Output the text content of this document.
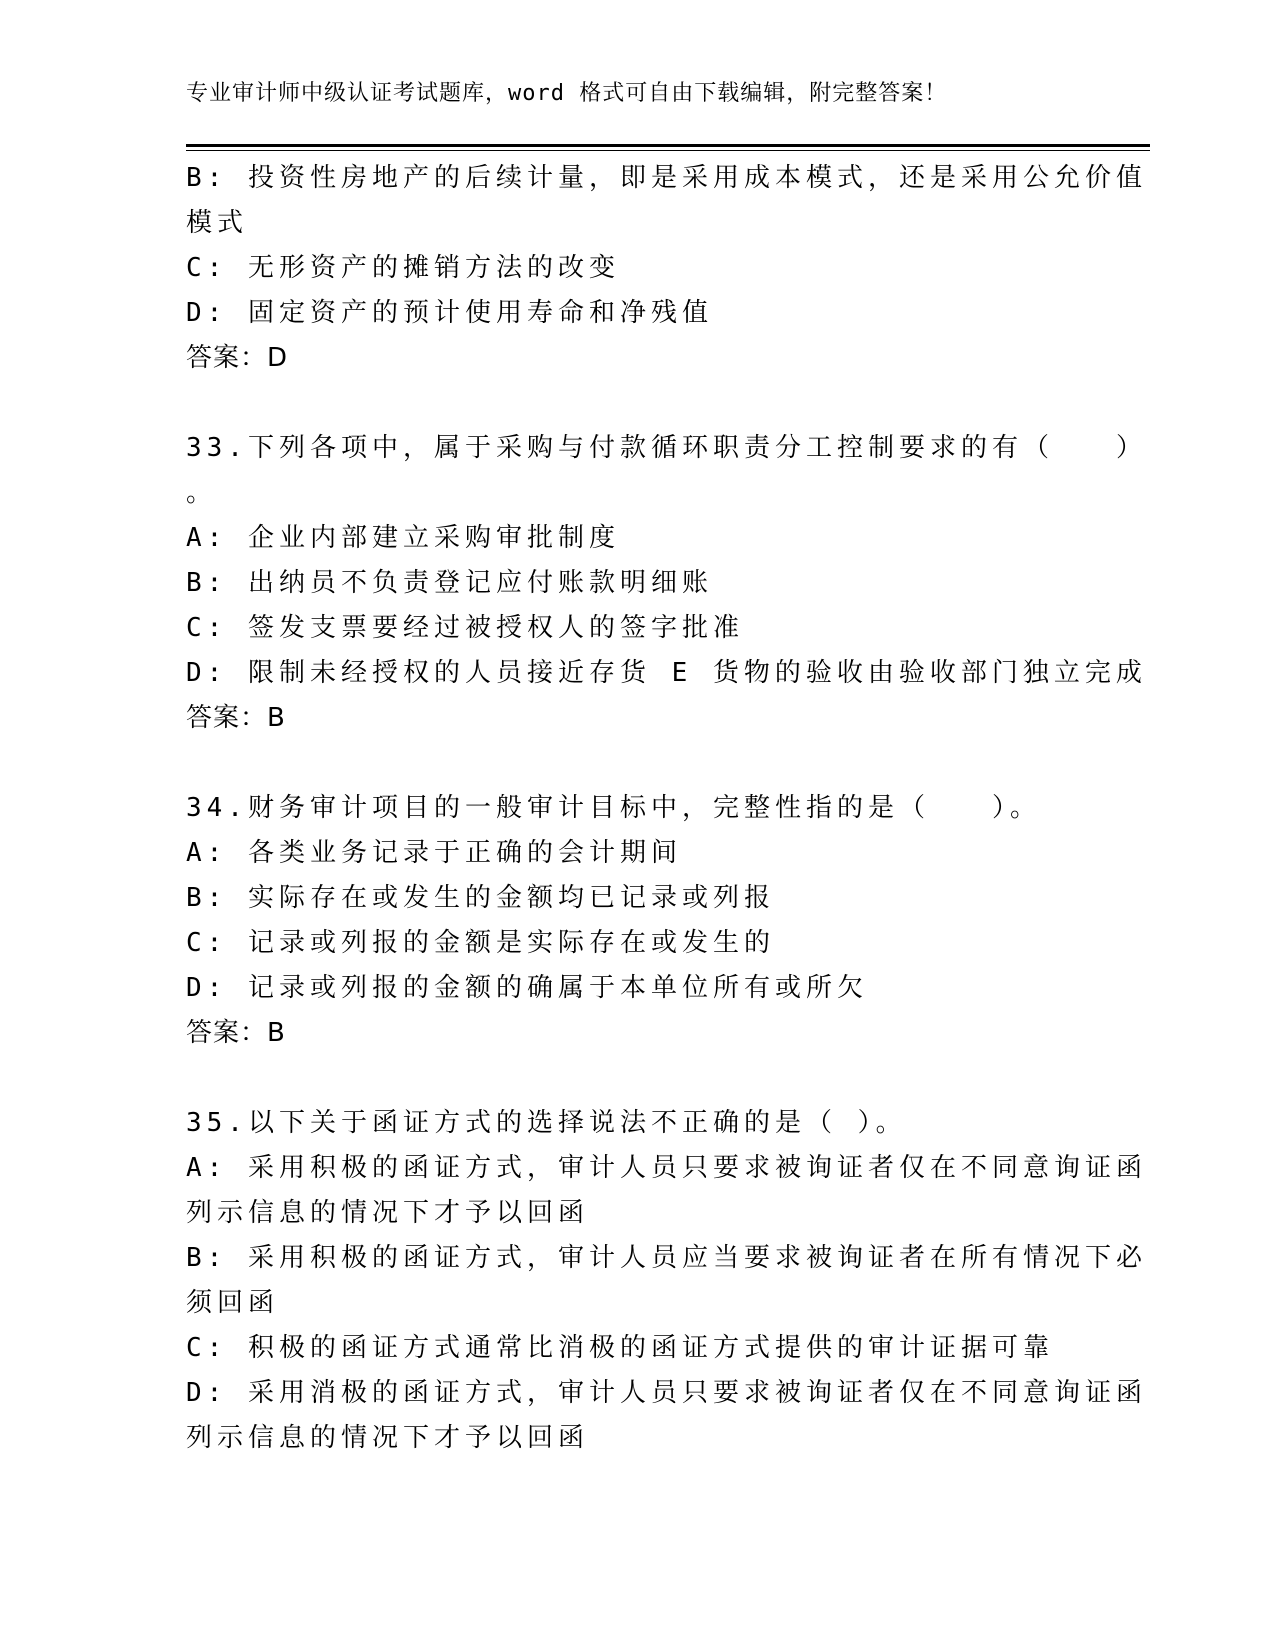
专业审计师中级认证考试题库，word 格式可自由下载编辑，附完整答案！
B: 投资性房地产的后续计量，即是采用成本模式，还是采用公允价值
模式
C: 无形资产的摊销方法的改变
D: 固定资产的预计使用寿命和净残值
答案：D
33.下列各项中，属于采购与付款循环职责分工控制要求的有（　　）
。
A: 企业内部建立采购审批制度
B: 出纳员不负责登记应付账款明细账
C: 签发支票要经过被授权人的签字批准
D: 限制未经授权的人员接近存货 E 货物的验收由验收部门独立完成
答案：B
34.财务审计项目的一般审计目标中，完整性指的是（　　）。
A: 各类业务记录于正确的会计期间
B: 实际存在或发生的金额均已记录或列报
C: 记录或列报的金额是实际存在或发生的
D: 记录或列报的金额的确属于本单位所有或所欠
答案：B
35.以下关于函证方式的选择说法不正确的是（ ）。
A: 采用积极的函证方式，审计人员只要求被询证者仅在不同意询证函
列示信息的情况下才予以回函
B: 采用积极的函证方式，审计人员应当要求被询证者在所有情况下必
须回函
C: 积极的函证方式通常比消极的函证方式提供的审计证据可靠
D: 采用消极的函证方式，审计人员只要求被询证者仅在不同意询证函
列示信息的情况下才予以回函
